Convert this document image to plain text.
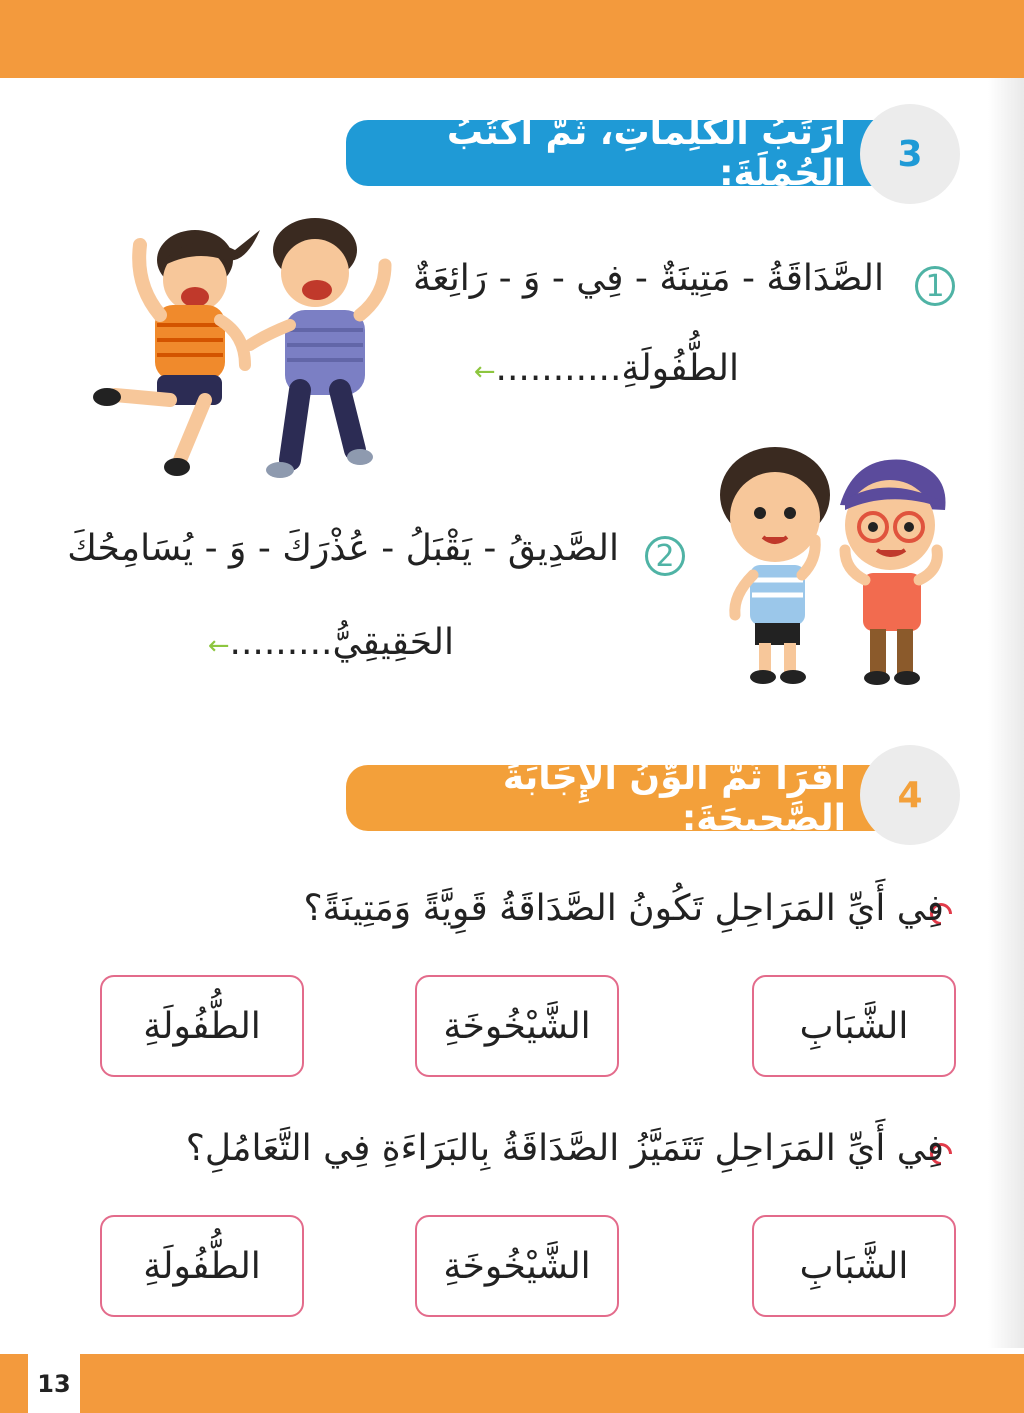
أُرَتِّبُ الكَلِماتِ، ثُمَّ أَكْتُبُ الجُمْلَةَ:	3
1
الصَّدَاقَةُ - مَتِينَةٌ - فِي - وَ - رَائِعَةٌ
الطُّفُولَةِ...........←
2
الصَّدِيقُ - يَقْبَلُ - عُذْرَكَ - وَ - يُسَامِحُكَ
الحَقِيقِيُّ.........←
أَقْرَأُ ثُمَّ أُلَوِّنُ الإِجَابَةَ الصَّحِيحَةَ:
4
فِي أَيِّ المَرَاحِلِ تَكُونُ الصَّدَاقَةُ قَوِيَّةً وَمَتِينَةً؟
الشَّبَابِ
الشَّيْخُوخَةِ
الطُّفُولَةِ
فِي أَيِّ المَرَاحِلِ تَتَمَيَّزُ الصَّدَاقَةُ بِالبَرَاءَةِ فِي التَّعَامُلِ؟
الشَّبَابِ
الشَّيْخُوخَةِ
الطُّفُولَةِ
13
